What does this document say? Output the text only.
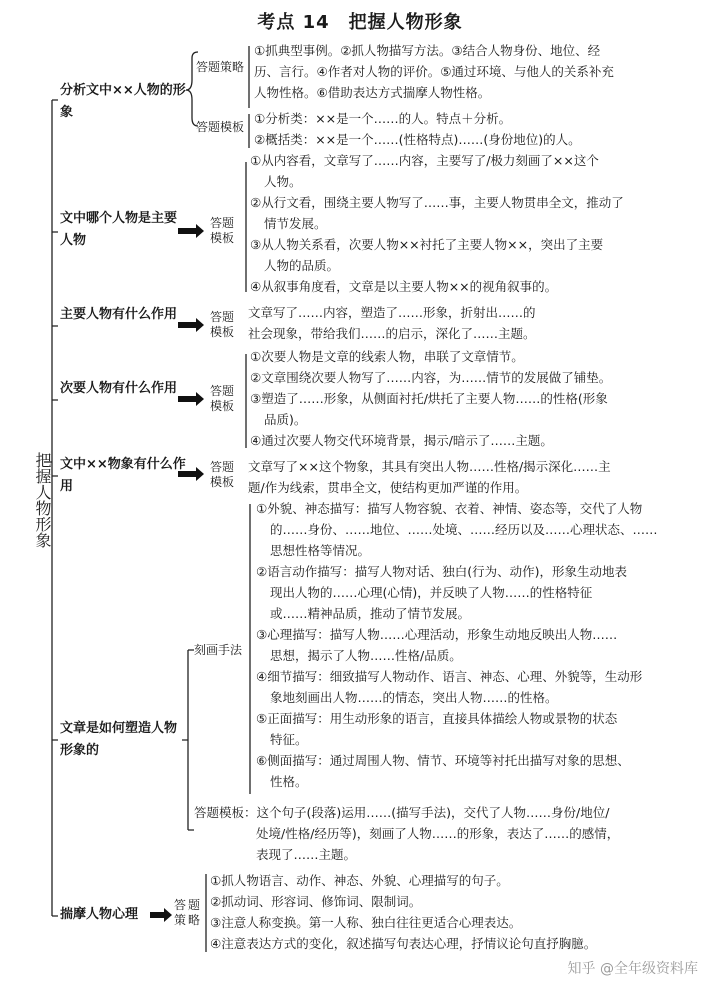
考点 14　把握人物形象
把握人物形象
分析文中××人物的形象
答题策略
答题模板
①抓典型事例。②抓人物描写方法。③结合人物身份、地位、经
历、言行。④作者对人物的评价。⑤通过环境、与他人的关系补充
人物性格。⑥借助表达方式揣摩人物性格。
①分析类：××是一个……的人。特点＋分析。
②概括类：××是一个……(性格特点)……(身份地位)的人。
文中哪个人物是主要人物
答题模板
①从内容看，文章写了……内容，主要写了/极力刻画了××这个
人物。
②从行文看，围绕主要人物写了……事，主要人物贯串全文，推动了
情节发展。
③从人物关系看，次要人物××衬托了主要人物××，突出了主要
人物的品质。
④从叙事角度看，文章是以主要人物××的视角叙事的。
主要人物有什么作用	答题模板
文章写了……内容，塑造了……形象，折射出……的
社会现象，带给我们……的启示，深化了……主题。
次要人物有什么作用	答题模板
①次要人物是文章的线索人物，串联了文章情节。
②文章围绕次要人物写了……内容，为……情节的发展做了铺垫。
③塑造了……形象，从侧面衬托/烘托了主要人物……的性格(形象
品质)。
④通过次要人物交代环境背景，揭示/暗示了……主题。
文中××物象有什么作用
答题模板
文章写了××这个物象，其具有突出人物……性格/揭示深化……主
题/作为线索，贯串全文，使结构更加严谨的作用。
文章是如何塑造人物形象的
刻画手法
①外貌、神态描写：描写人物容貌、衣着、神情、姿态等，交代了人物
的……身份、……地位、……处境、……经历以及……心理状态、……
思想性格等情况。
②语言动作描写：描写人物对话、独白(行为、动作)，形象生动地表
现出人物的……心理(心情)，并反映了人物……的性格特征
或……精神品质，推动了情节发展。
③心理描写：描写人物……心理活动，形象生动地反映出人物……
思想，揭示了人物……性格/品质。
④细节描写：细致描写人物动作、语言、神态、心理、外貌等，生动形
象地刻画出人物……的情态，突出人物……的性格。
⑤正面描写：用生动形象的语言，直接具体描绘人物或景物的状态
特征。
⑥侧面描写：通过周围人物、情节、环境等衬托出描写对象的思想、
性格。
答题模板：这个句子(段落)运用……(描写手法)，交代了人物……身份/地位/
处境/性格/经历等)，刻画了人物……的形象，表达了……的感情，
表现了……主题。
揣摩人物心理
答题策略
①抓人物语言、动作、神态、外貌、心理描写的句子。
②抓动词、形容词、修饰词、限制词。
③注意人称变换。第一人称、独白往往更适合心理表达。
④注意表达方式的变化，叙述描写句表达心理，抒情议论句直抒胸臆。
知乎 @全年级资料库
